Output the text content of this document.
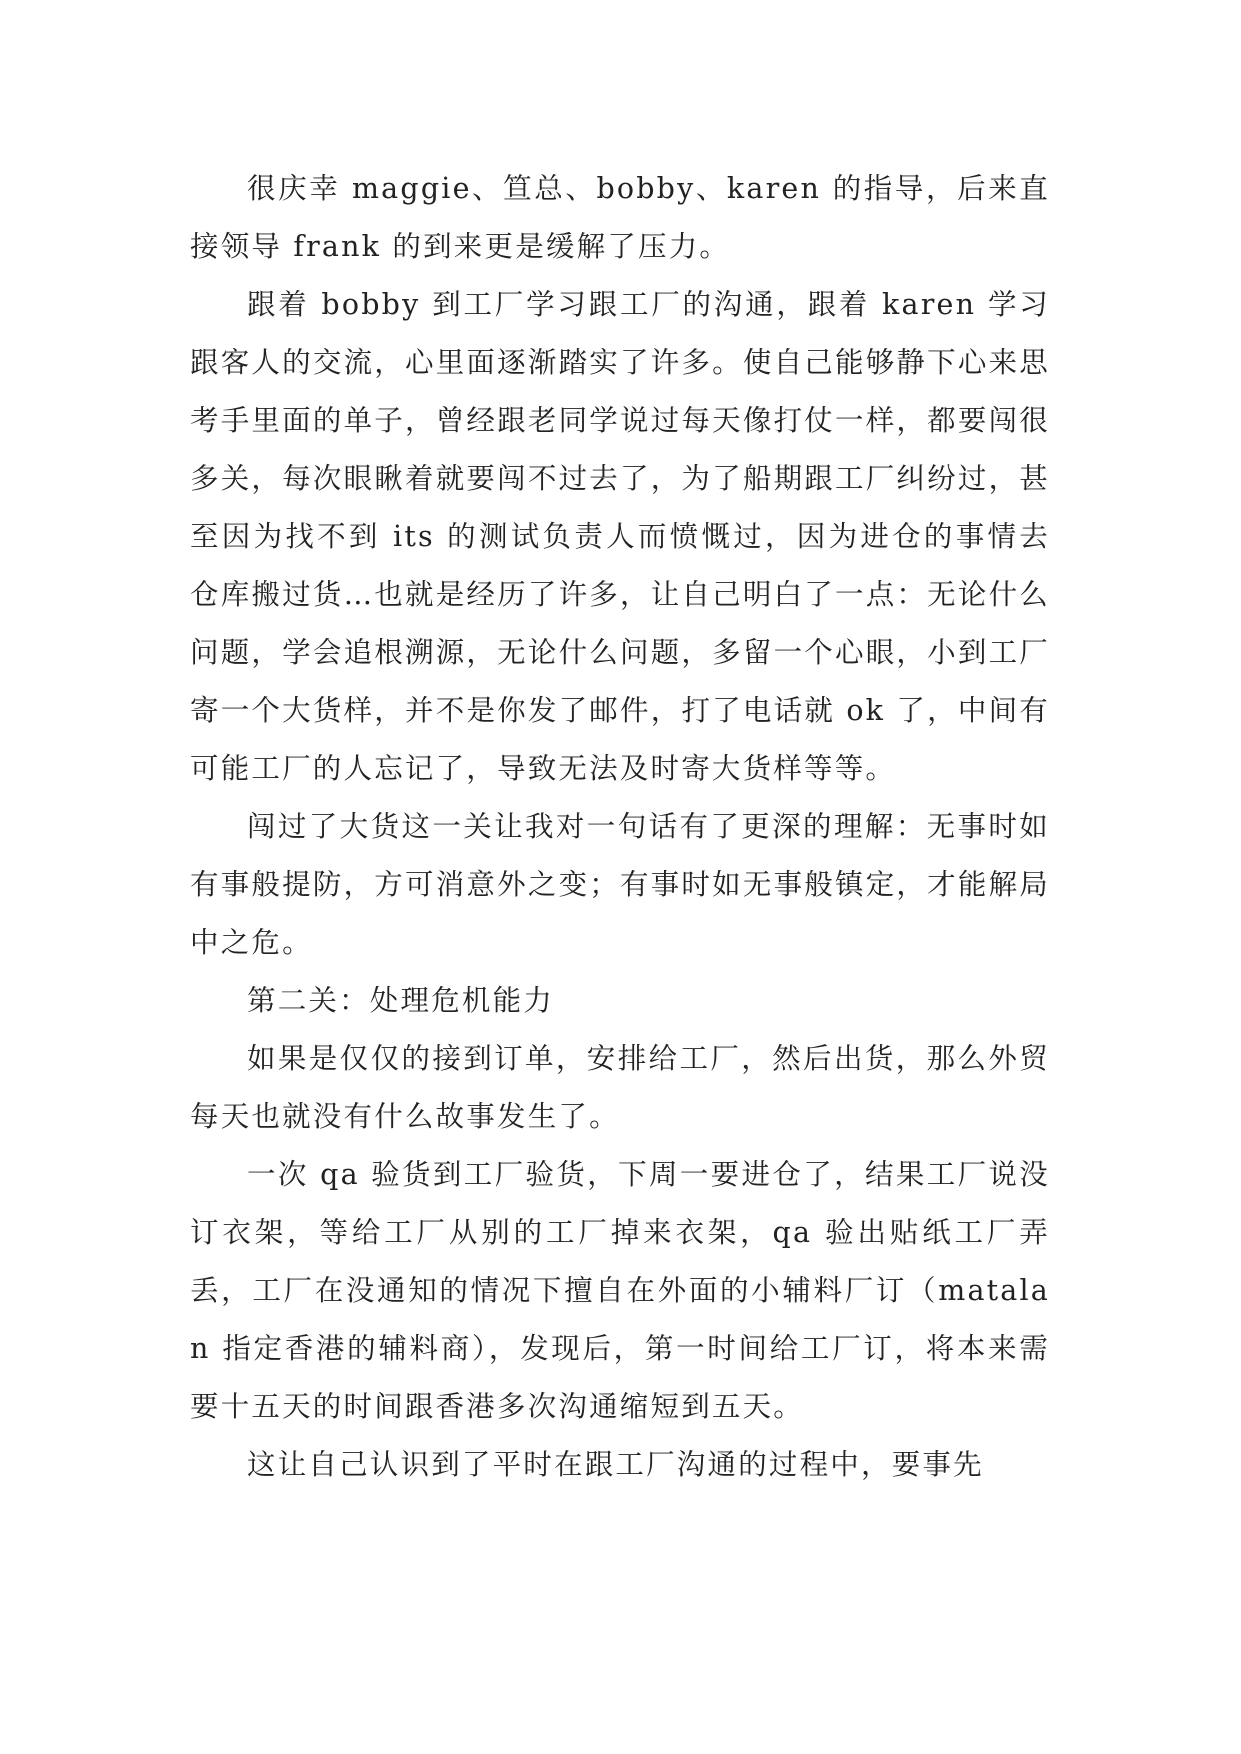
很庆幸 maggie、笪总、bobby、karen 的指导，后来直接领导 frank 的到来更是缓解了压力。

跟着 bobby 到工厂学习跟工厂的沟通，跟着 karen 学习跟客人的交流，心里面逐渐踏实了许多。使自己能够静下心来思考手里面的单子，曾经跟老同学说过每天像打仗一样，都要闯很多关，每次眼瞅着就要闯不过去了，为了船期跟工厂纠纷过，甚至因为找不到 its 的测试负责人而愤慨过，因为进仓的事情去仓库搬过货…也就是经历了许多，让自己明白了一点：无论什么问题，学会追根溯源，无论什么问题，多留一个心眼，小到工厂寄一个大货样，并不是你发了邮件，打了电话就 ok 了，中间有可能工厂的人忘记了，导致无法及时寄大货样等等。

闯过了大货这一关让我对一句话有了更深的理解：无事时如有事般提防，方可消意外之变；有事时如无事般镇定，才能解局中之危。

第二关：处理危机能力

如果是仅仅的接到订单，安排给工厂，然后出货，那么外贸每天也就没有什么故事发生了。

一次 qa 验货到工厂验货，下周一要进仓了，结果工厂说没订衣架，等给工厂从别的工厂掉来衣架，qa 验出贴纸工厂弄丢，工厂在没通知的情况下擅自在外面的小辅料厂订（matalan 指定香港的辅料商），发现后，第一时间给工厂订，将本来需要十五天的时间跟香港多次沟通缩短到五天。

这让自己认识到了平时在跟工厂沟通的过程中，要事先
